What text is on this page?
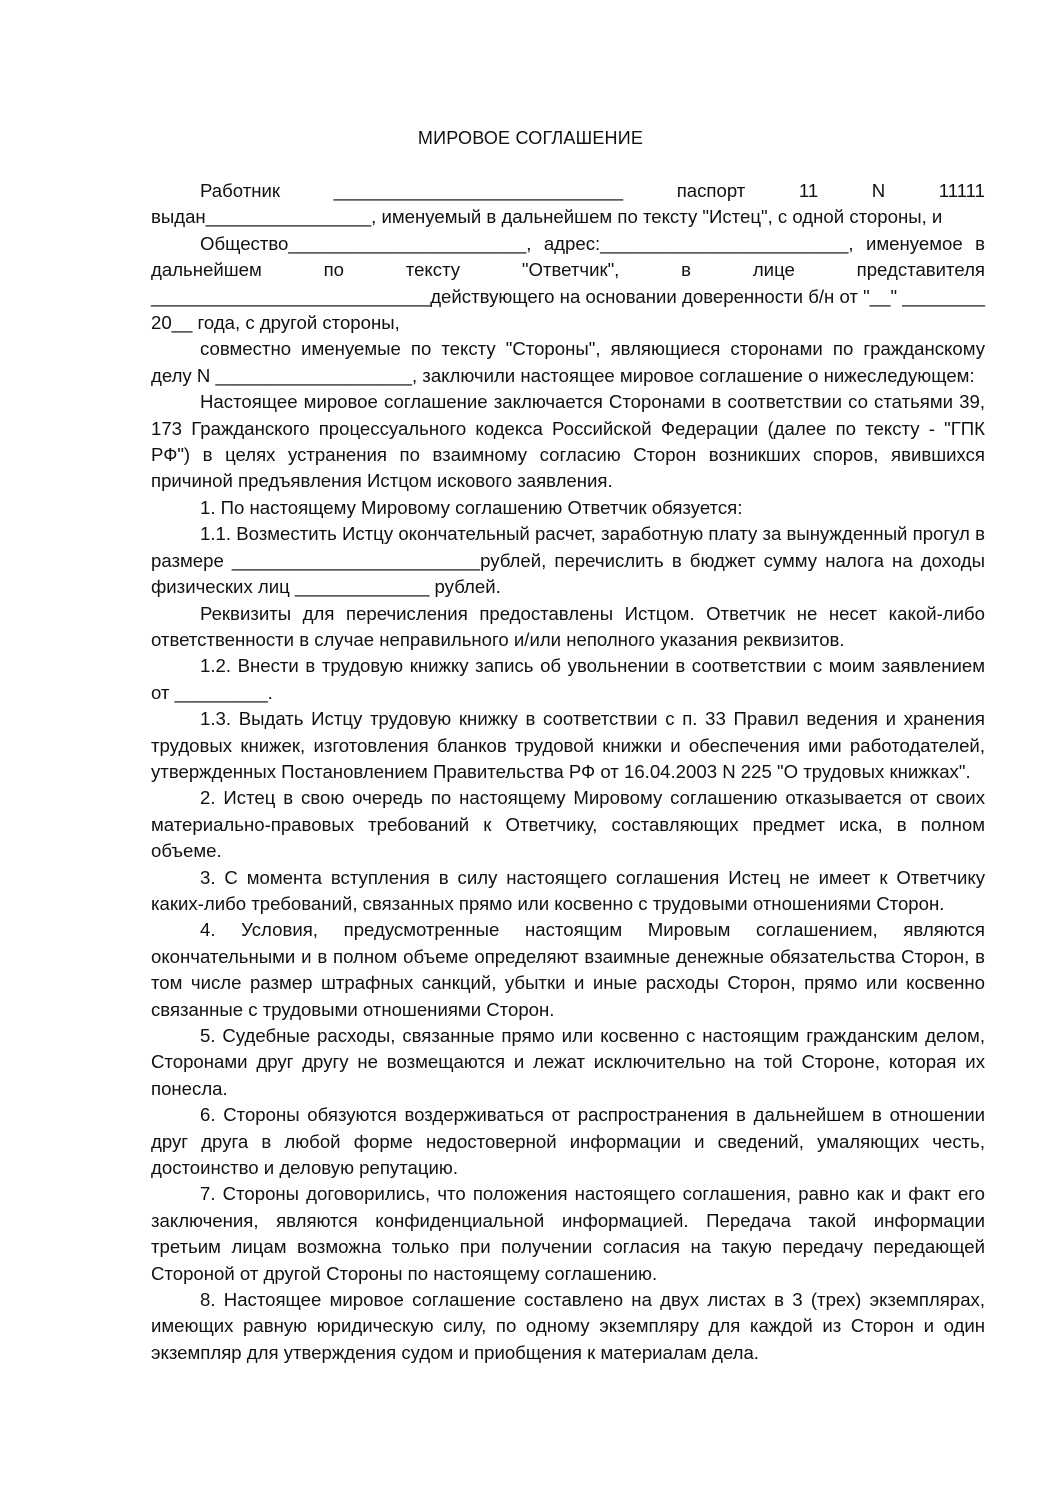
МИРОВОЕ СОГЛАШЕНИЕ
Работник	____________________________	паспорт	11	N	11111

выдан________________, именуемый в дальнейшем по тексту "Истец", с одной стороны, и

Общество_______________________, адрес:________________________, именуемое в дальнейшем по тексту "Ответчик", в лице представителя ___________________________действующего на основании доверенности б/н от "__" ________ 20__ года, с другой стороны,

совместно именуемые по тексту "Стороны", являющиеся сторонами по гражданскому делу N ___________________, заключили настоящее мировое соглашение о нижеследующем:

Настоящее мировое соглашение заключается Сторонами в соответствии со статьями 39, 173 Гражданского процессуального кодекса Российской Федерации (далее по тексту - "ГПК РФ") в целях устранения по взаимному согласию Сторон возникших споров, явившихся причиной предъявления Истцом искового заявления.

1. По настоящему Мировому соглашению Ответчик обязуется:

1.1. Возместить Истцу окончательный расчет, заработную плату за вынужденный прогул в размере ________________________рублей, перечислить в бюджет сумму налога на доходы физических лиц _____________ рублей.

Реквизиты для перечисления предоставлены Истцом. Ответчик не несет какой-либо ответственности в случае неправильного и/или неполного указания реквизитов.

1.2. Внести в трудовую книжку запись об увольнении в соответствии с моим заявлением от _________.

1.3. Выдать Истцу трудовую книжку в соответствии с п. 33 Правил ведения и хранения трудовых книжек, изготовления бланков трудовой книжки и обеспечения ими работодателей, утвержденных Постановлением Правительства РФ от 16.04.2003 N 225 "О трудовых книжках".

2. Истец в свою очередь по настоящему Мировому соглашению отказывается от своих материально-правовых требований к Ответчику, составляющих предмет иска, в полном объеме.

3. С момента вступления в силу настоящего соглашения Истец не имеет к Ответчику каких-либо требований, связанных прямо или косвенно с трудовыми отношениями Сторон.

4. Условия, предусмотренные настоящим Мировым соглашением, являются окончательными и в полном объеме определяют взаимные денежные обязательства Сторон, в том числе размер штрафных санкций, убытки и иные расходы Сторон, прямо или косвенно связанные с трудовыми отношениями Сторон.

5. Судебные расходы, связанные прямо или косвенно с настоящим гражданским делом, Сторонами друг другу не возмещаются и лежат исключительно на той Стороне, которая их понесла.

6. Стороны обязуются воздерживаться от распространения в дальнейшем в отношении друг друга в любой форме недостоверной информации и сведений, умаляющих честь, достоинство и деловую репутацию.

7. Стороны договорились, что положения настоящего соглашения, равно как и факт его заключения, являются конфиденциальной информацией. Передача такой информации третьим лицам возможна только при получении согласия на такую передачу передающей Стороной от другой Стороны по настоящему соглашению.

8. Настоящее мировое соглашение составлено на двух листах в 3 (трех) экземплярах, имеющих равную юридическую силу, по одному экземпляру для каждой из Сторон и один экземпляр для утверждения судом и приобщения к материалам дела.
